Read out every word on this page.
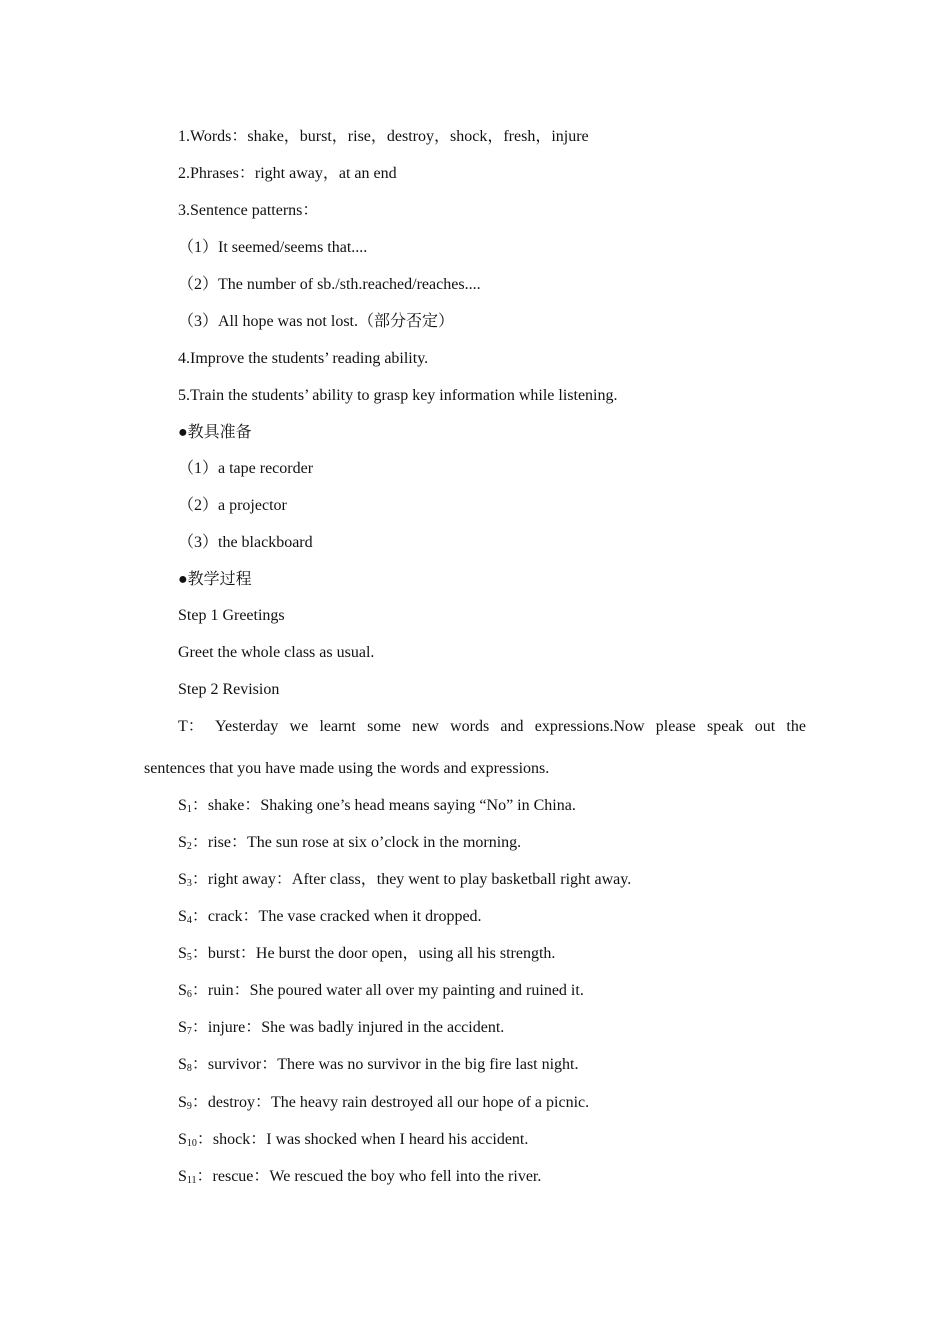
1.Words：shake，burst，rise，destroy，shock，fresh，injure
2.Phrases：right away，at an end
3.Sentence patterns：
（1）It seemed/seems that....
（2）The number of sb./sth.reached/reaches....
（3）All hope was not lost.（部分否定）
4.Improve the students’ reading ability.
5.Train the students’ ability to grasp key information while listening.
●教具准备
（1）a tape recorder
（2）a projector
（3）the blackboard
●教学过程
Step 1 Greetings
Greet the whole class as usual.
Step 2 Revision
T： Yesterday we learnt some new words and expressions.Now please speak out the
sentences that you have made using the words and expressions.
$S_1$：shake：Shaking one’s head means saying “No” in China.
$S_2$：rise：The sun rose at six o’clock in the morning.
$S_3$：right away：After class，they went to play basketball right away.
$S_4$：crack：The vase cracked when it dropped.
$S_5$：burst：He burst the door open，using all his strength.
$S_6$：ruin：She poured water all over my painting and ruined it.
$S_7$：injure：She was badly injured in the accident.
$S_8$：survivor：There was no survivor in the big fire last night.
$S_9$：destroy：The heavy rain destroyed all our hope of a picnic.
$S_{10}$：shock：I was shocked when I heard his accident.
$S_{11}$：rescue：We rescued the boy who fell into the river.
